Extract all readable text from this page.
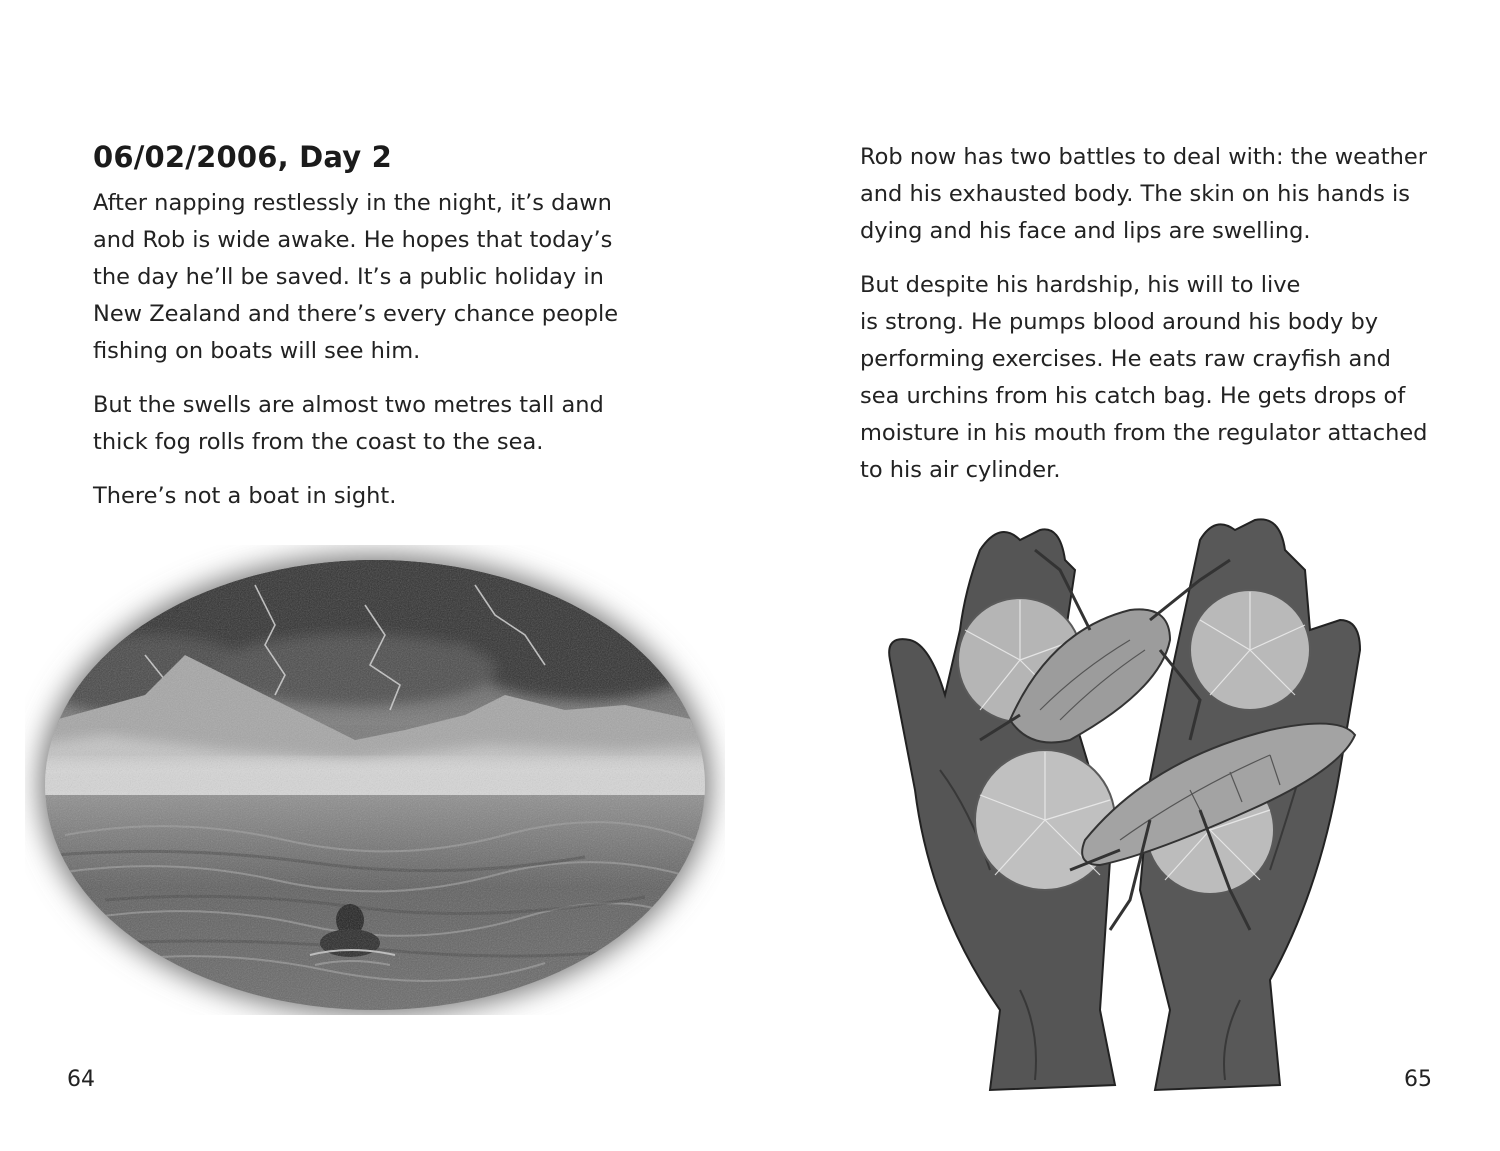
06/02/2006, Day 2

After napping restlessly in the night, it’s dawn
and Rob is wide awake. He hopes that today’s
the day he’ll be saved. It’s a public holiday in
New Zealand and there’s every chance people
fishing on boats will see him.

But the swells are almost two metres tall and
thick fog rolls from the coast to the sea.

There’s not a boat in sight.

64

Rob now has two battles to deal with: the weather
and his exhausted body. The skin on his hands is
dying and his face and lips are swelling.

But despite his hardship, his will to live
is strong. He pumps blood around his body by
performing exercises. He eats raw crayfish and
sea urchins from his catch bag. He gets drops of
moisture in his mouth from the regulator attached
to his air cylinder.

65
